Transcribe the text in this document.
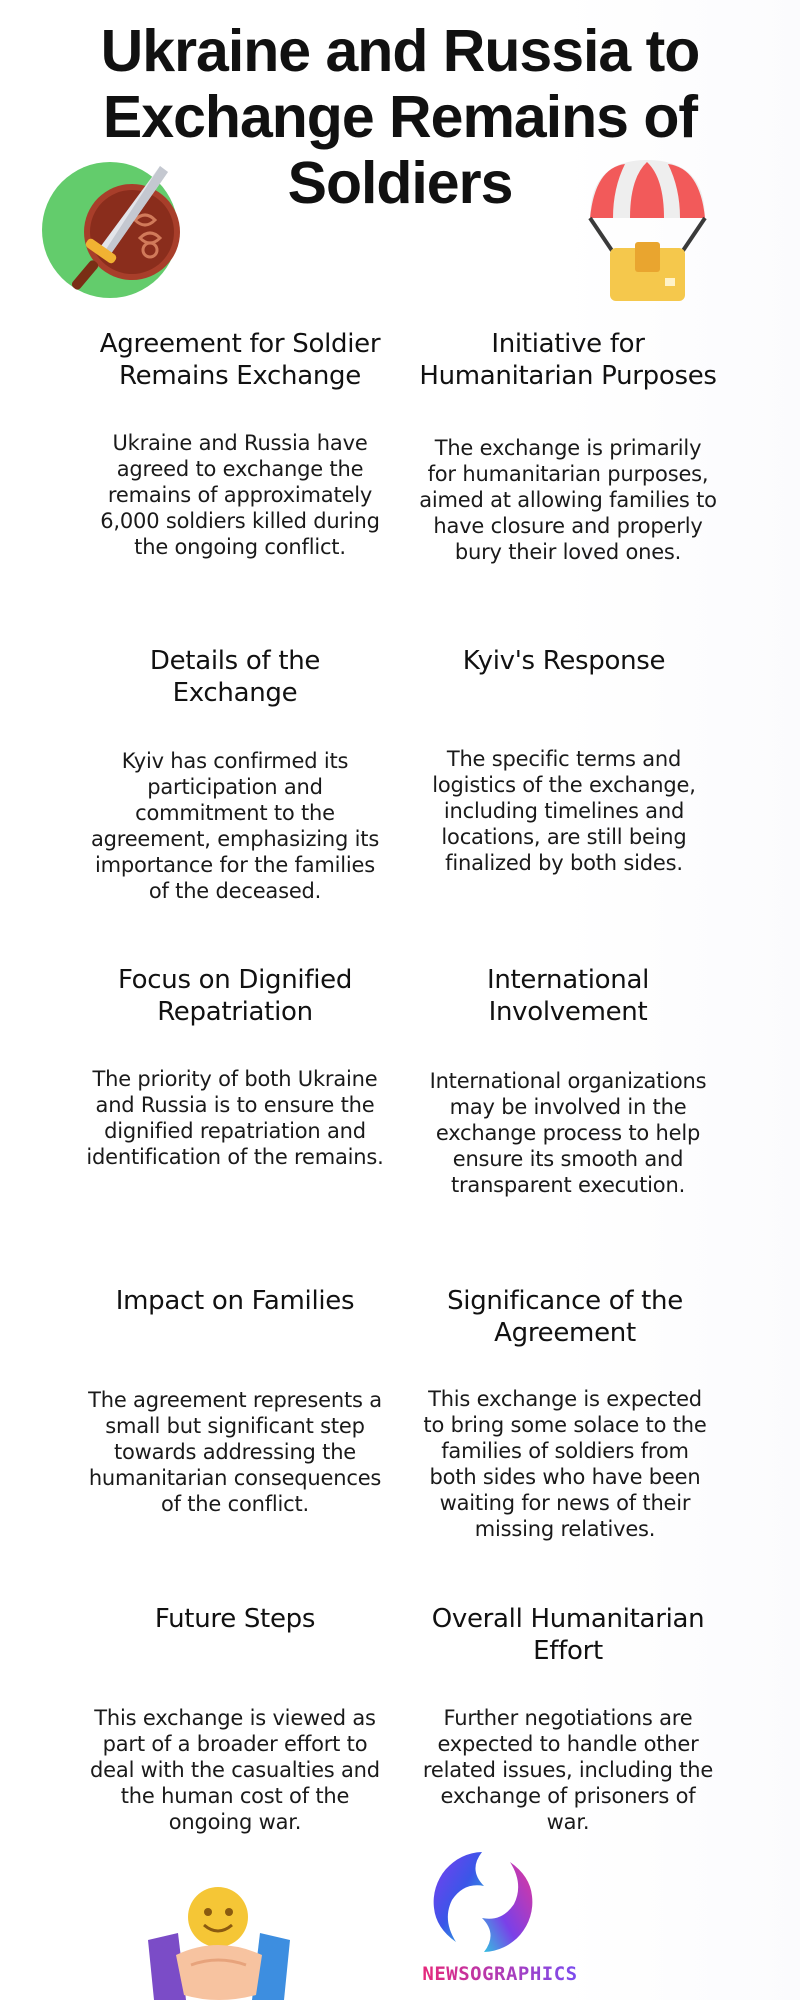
Ukraine and Russia to Exchange Remains of Soldiers
Agreement for Soldier Remains Exchange
Ukraine and Russia have agreed to exchange the remains of approximately 6,000 soldiers killed during the ongoing conflict.
Initiative for Humanitarian Purposes
The exchange is primarily for humanitarian purposes, aimed at allowing families to have closure and properly bury their loved ones.
Details of the Exchange
Kyiv has confirmed its participation and commitment to the agreement, emphasizing its importance for the families of the deceased.
Kyiv's Response
The specific terms and logistics of the exchange, including timelines and locations, are still being finalized by both sides.
Focus on Dignified Repatriation
The priority of both Ukraine and Russia is to ensure the dignified repatriation and identification of the remains.
International Involvement
International organizations may be involved in the exchange process to help ensure its smooth and transparent execution.
Impact on Families
The agreement represents a small but significant step towards addressing the humanitarian consequences of the conflict.
Significance of the Agreement
This exchange is expected to bring some solace to the families of soldiers from both sides who have been waiting for news of their missing relatives.
Future Steps
This exchange is viewed as part of a broader effort to deal with the casualties and the human cost of the ongoing war.
Overall Humanitarian Effort
Further negotiations are expected to handle other related issues, including the exchange of prisoners of war.
NEWSOGRAPHICS
